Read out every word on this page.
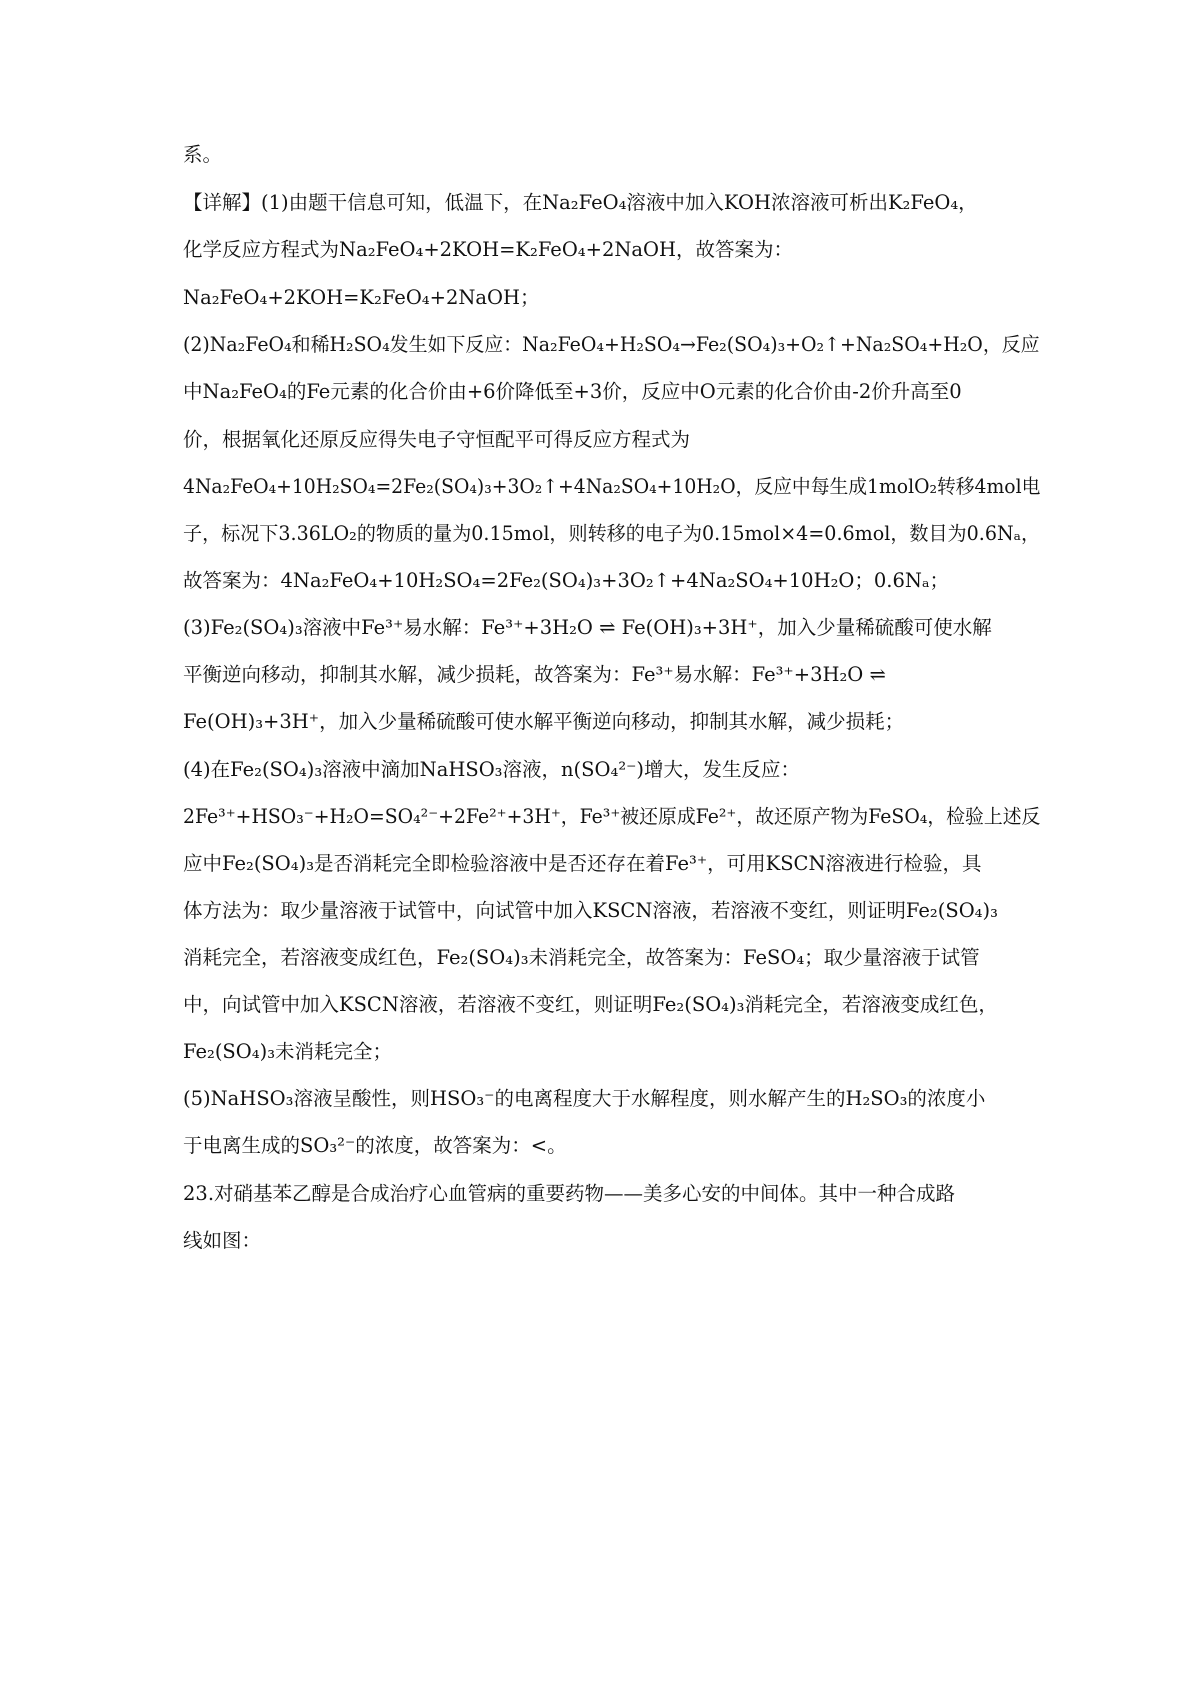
系。
【详解】(1)由题干信息可知，低温下，在Na₂FeO₄溶液中加入KOH浓溶液可析出K₂FeO₄，
化学反应方程式为Na₂FeO₄+2KOH=K₂FeO₄+2NaOH，故答案为：
Na₂FeO₄+2KOH=K₂FeO₄+2NaOH；
(2)Na₂FeO₄和稀H₂SO₄发生如下反应：Na₂FeO₄+H₂SO₄→Fe₂(SO₄)₃+O₂↑+Na₂SO₄+H₂O，反应
中Na₂FeO₄的Fe元素的化合价由+6价降低至+3价，反应中O元素的化合价由-2价升高至0
价，根据氧化还原反应得失电子守恒配平可得反应方程式为
4Na₂FeO₄+10H₂SO₄=2Fe₂(SO₄)₃+3O₂↑+4Na₂SO₄+10H₂O，反应中每生成1molO₂转移4mol电
子，标况下3.36LO₂的物质的量为0.15mol，则转移的电子为0.15mol×4=0.6mol，数目为0.6Nₐ，
故答案为：4Na₂FeO₄+10H₂SO₄=2Fe₂(SO₄)₃+3O₂↑+4Na₂SO₄+10H₂O；0.6Nₐ；
(3)Fe₂(SO₄)₃溶液中Fe³⁺易水解：Fe³⁺+3H₂O ⇌ Fe(OH)₃+3H⁺，加入少量稀硫酸可使水解
平衡逆向移动，抑制其水解，减少损耗，故答案为：Fe³⁺易水解：Fe³⁺+3H₂O ⇌
Fe(OH)₃+3H⁺，加入少量稀硫酸可使水解平衡逆向移动，抑制其水解，减少损耗；
(4)在Fe₂(SO₄)₃溶液中滴加NaHSO₃溶液，n(SO₄²⁻)增大，发生反应：
2Fe³⁺+HSO₃⁻+H₂O=SO₄²⁻+2Fe²⁺+3H⁺，Fe³⁺被还原成Fe²⁺，故还原产物为FeSO₄，检验上述反
应中Fe₂(SO₄)₃是否消耗完全即检验溶液中是否还存在着Fe³⁺，可用KSCN溶液进行检验，具
体方法为：取少量溶液于试管中，向试管中加入KSCN溶液，若溶液不变红，则证明Fe₂(SO₄)₃
消耗完全，若溶液变成红色，Fe₂(SO₄)₃未消耗完全，故答案为：FeSO₄；取少量溶液于试管
中，向试管中加入KSCN溶液，若溶液不变红，则证明Fe₂(SO₄)₃消耗完全，若溶液变成红色，
Fe₂(SO₄)₃未消耗完全；
(5)NaHSO₃溶液呈酸性，则HSO₃⁻的电离程度大于水解程度，则水解产生的H₂SO₃的浓度小
于电离生成的SO₃²⁻的浓度，故答案为：<。
23.对硝基苯乙醇是合成治疗心血管病的重要药物——美多心安的中间体。其中一种合成路
线如图：
